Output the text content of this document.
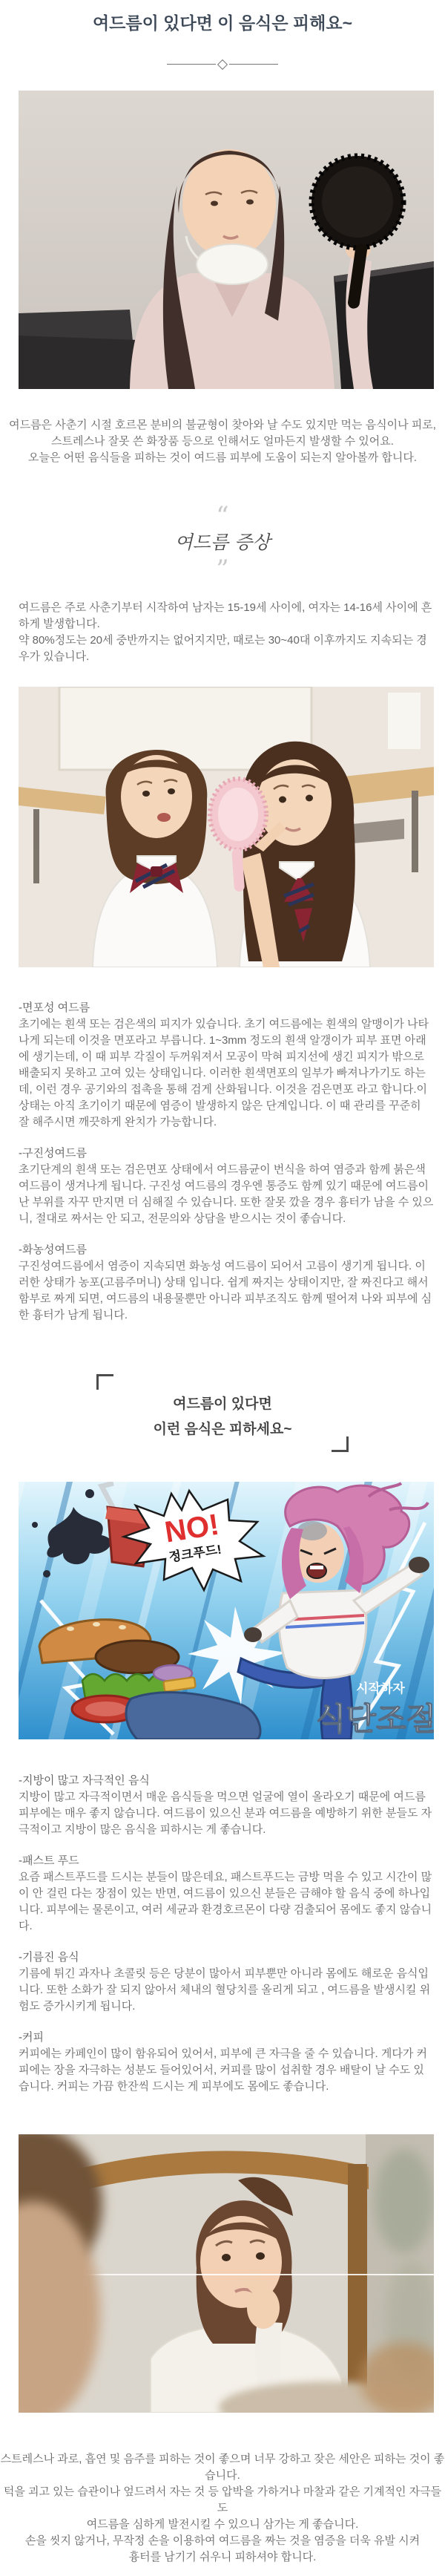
여드름이 있다면 이 음식은 피해요~
여드름은 사춘기 시절 호르몬 분비의 불균형이 찾아와 날 수도 있지만 먹는 음식이나 피로,
스트레스나 잘못 쓴 화장품 등으로 인해서도 얼마든지 발생할 수 있어요.
오늘은 어떤 음식들을 피하는 것이 여드름 피부에 도움이 되는지 알아볼까 합니다.
“
여드름 증상
”
여드름은 주로 사춘기부터 시작하여 남자는 15-19세 사이에, 여자는 14-16세 사이에 흔하게 발생합니다.
약 80%정도는 20세 중반까지는 없어지지만, 때로는 30~40대 이후까지도 지속되는 경우가 있습니다.
-면포성 여드름
초기에는 흰색 또는 검은색의 피지가 있습니다. 초기 여드름에는 흰색의 알맹이가 나타나게 되는데 이것을 면포라고 부릅니다. 1~3mm 정도의 흰색 알갱이가 피부 표면 아래에 생기는데, 이 때 피부 각질이 두꺼워져서 모공이 막혀 피지선에 생긴 피지가 밖으로 배출되지 못하고 고여 있는 상태입니다. 이러한 흰색면포의 일부가 빠져나가기도 하는데, 이런 경우 공기와의 접촉을 통해 검게 산화됩니다. 이것을 검은면포 라고 합니다.이 상태는 아직 초기이기 때문에 염증이 발생하지 않은 단계입니다. 이 때 관리를 꾸준히 잘 해주시면 깨끗하게 완치가 가능합니다.
-구진성여드름
초기단계의 흰색 또는 검은면포 상태에서 여드름균이 번식을 하여 염증과 함께 붉은색 여드름이 생겨나게 됩니다. 구진성 여드름의 경우엔 통증도 함께 있기 때문에 여드름이 난 부위를 자꾸 만지면 더 심해질 수 있습니다. 또한 잘못 깠을 경우 흉터가 남을 수 있으니, 절대로 짜서는 안 되고, 전문의와 상담을 받으시는 것이 좋습니다.
-화농성여드름
구진성여드름에서 염증이 지속되면 화농성 여드름이 되어서 고름이 생기게 됩니다. 이러한 상태가 농포(고름주머니) 상태 입니다. 쉽게 짜지는 상태이지만, 잘 짜진다고 해서 함부로 짜게 되면, 여드름의 내용물뿐만 아니라 피부조직도 함께 떨어져 나와 피부에 심한 흉터가 남게 됩니다.
여드름이 있다면
이런 음식은 피하세요~
NO!
정크푸드!
시작하자
식단조절
-지방이 많고 자극적인 음식
지방이 많고 자극적이면서 매운 음식들을 먹으면 얼굴에 열이 올라오기 때문에 여드름 피부에는 매우 좋지 않습니다. 여드름이 있으신 분과 여드름을 예방하기 위한 분들도 자극적이고 지방이 많은 음식을 피하시는 게 좋습니다.
-패스트 푸드
요즘 패스트푸드를 드시는 분들이 많은데요, 패스트푸드는 금방 먹을 수 있고 시간이 많이 안 걸린 다는 장점이 있는 반면, 여드름이 있으신 분들은 금해야 할 음식 중에 하나입니다. 피부에는 물론이고, 여러 세균과 환경호르몬이 다량 검출되어 몸에도 좋지 않습니다.
-기름진 음식
기름에 튀긴 과자나 초콜릿 등은 당분이 많아서 피부뿐만 아니라 몸에도 해로운 음식입니다. 또한 소화가 잘 되지 않아서 체내의 혈당치를 올리게 되고 , 여드름을 발생시킬 위험도 증가시키게 됩니다.
-커피
커피에는 카페인이 많이 함유되어 있어서, 피부에 큰 자극을 줄 수 있습니다. 게다가 커피에는 장을 자극하는 성분도 들어있어서, 커피를 많이 섭취할 경우 배탈이 날 수도 있습니다. 커피는 가끔 한잔씩 드시는 게 피부에도 몸에도 좋습니다.
스트레스나 과로, 흡연 및 음주를 피하는 것이 좋으며 너무 강하고 잦은 세안은 피하는 것이 좋습니다.
턱을 괴고 있는 습관이나 엎드려서 자는 것 등 압박을 가하거나 마찰과 같은 기계적인 자극들도
여드름을 심하게 발전시킬 수 있으니 삼가는 게 좋습니다.
손을 씻지 않거나, 무작정 손을 이용하여 여드름을 짜는 것을 염증을 더욱 유발 시켜
흉터를 남기기 쉬우니 피하셔야 합니다.
